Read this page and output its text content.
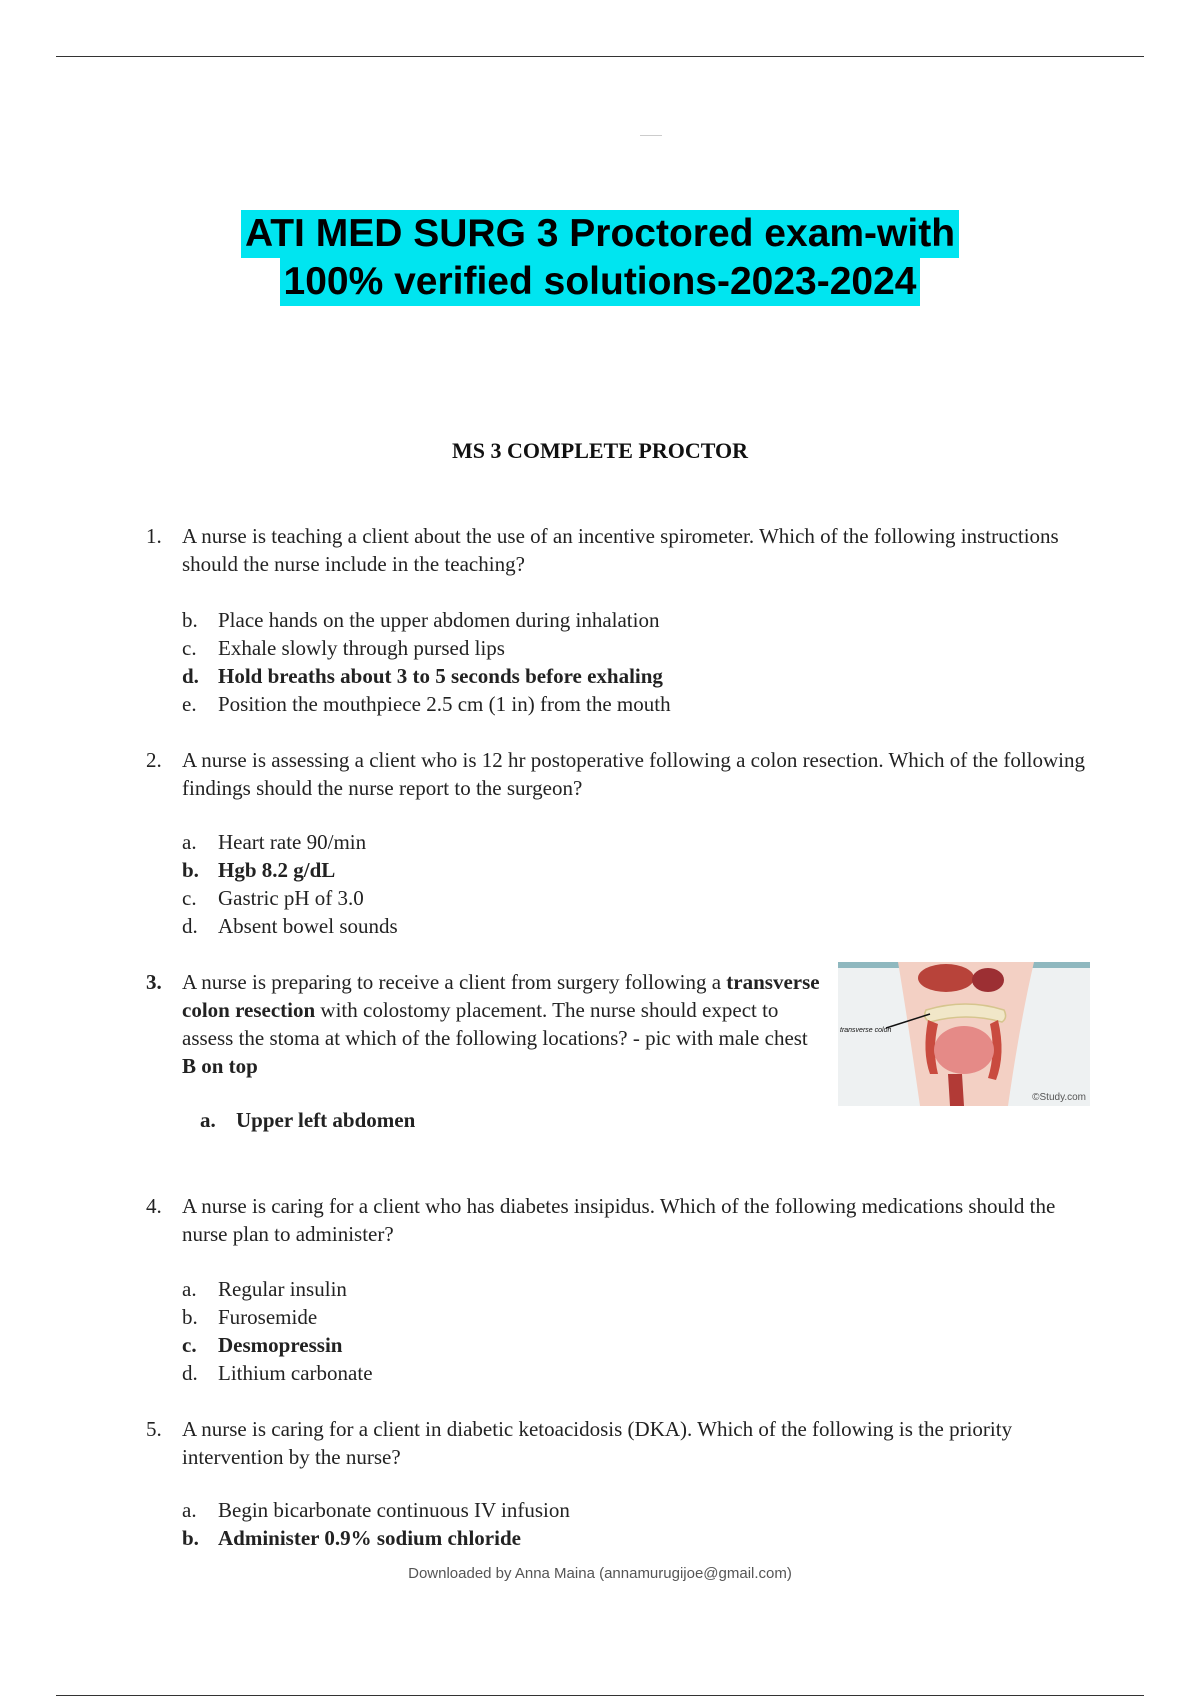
ATI MED SURG 3 Proctored exam-with
100% verified solutions-2023-2024
MS 3 COMPLETE PROCTOR
1. A nurse is teaching a client about the use of an incentive spirometer. Which of the following instructions should the nurse include in the teaching?
b. Place hands on the upper abdomen during inhalation
c. Exhale slowly through pursed lips
d. Hold breaths about 3 to 5 seconds before exhaling
e. Position the mouthpiece 2.5 cm (1 in) from the mouth
2. A nurse is assessing a client who is 12 hr postoperative following a colon resection. Which of the following findings should the nurse report to the surgeon?
a. Heart rate 90/min
b. Hgb 8.2 g/dL
c. Gastric pH of 3.0
d. Absent bowel sounds
3. A nurse is preparing to receive a client from surgery following a transverse colon resection with colostomy placement. The nurse should expect to assess the stoma at which of the following locations? - pic with male chest B on top
a. Upper left abdomen
transverse colon
©Study.com
4. A nurse is caring for a client who has diabetes insipidus. Which of the following medications should the nurse plan to administer?
a. Regular insulin
b. Furosemide
c. Desmopressin
d. Lithium carbonate
5. A nurse is caring for a client in diabetic ketoacidosis (DKA). Which of the following is the priority intervention by the nurse?
a. Begin bicarbonate continuous IV infusion
b. Administer 0.9% sodium chloride
Downloaded by Anna Maina (annamurugijoe@gmail.com)
